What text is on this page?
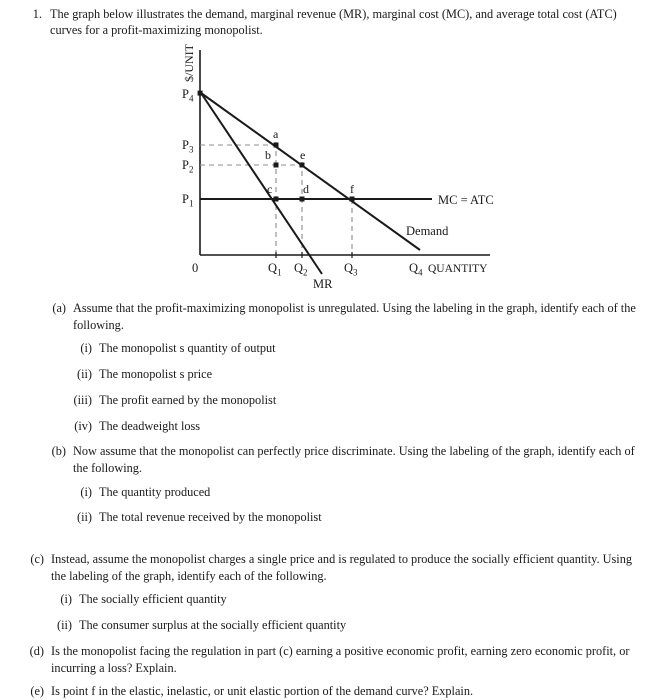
1. The graph below illustrates the demand, marginal revenue (MR), marginal cost (MC), and average total cost (ATC) curves for a profit-maximizing monopolist.
$/UNIT
$P_4$
$P_3$
$P_2$
$P_1$
0	$Q_1$ $Q_2$	$Q_3$	$Q_4$ QUANTITY
a
b
c	d
e
f
MC = ATC
Demand
MR
(a) Assume that the profit-maximizing monopolist is unregulated. Using the labeling in the graph, identify each of the following.
(i) The monopolist s quantity of output
(ii) The monopolist s price
(iii) The profit earned by the monopolist
(iv) The deadweight loss
(b) Now assume that the monopolist can perfectly price discriminate. Using the labeling of the graph, identify each of the following.
(i) The quantity produced
(ii) The total revenue received by the monopolist
(c) Instead, assume the monopolist charges a single price and is regulated to produce the socially efficient quantity. Using the labeling of the graph, identify each of the following.
(i) The socially efficient quantity
(ii) The consumer surplus at the socially efficient quantity
(d) Is the monopolist facing the regulation in part (c) earning a positive economic profit, earning zero economic profit, or incurring a loss? Explain.
(e) Is point f in the elastic, inelastic, or unit elastic portion of the demand curve? Explain.
